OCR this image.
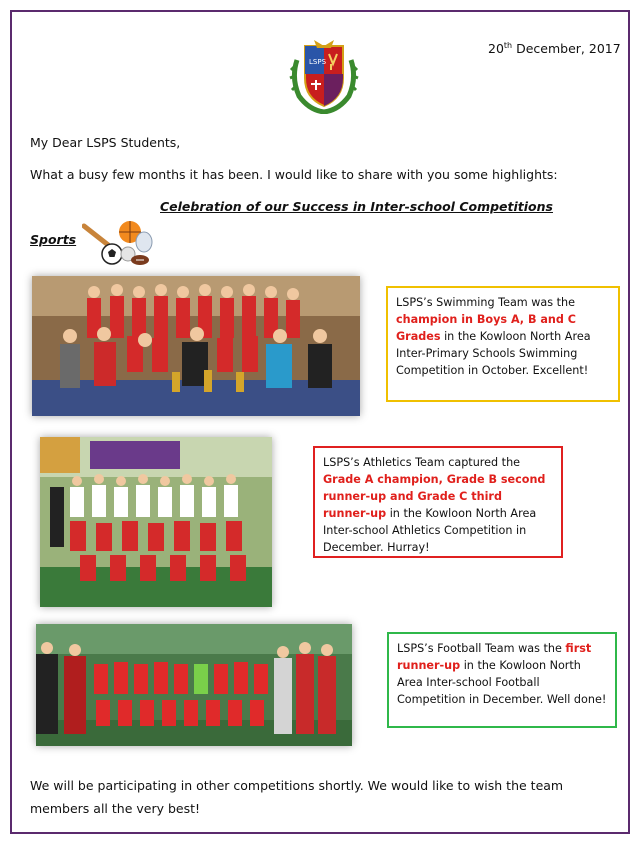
LSPS
20th December, 2017
My Dear LSPS Students,
What a busy few months it has been. I would like to share with you some highlights:
Celebration of our Success in Inter-school Competitions
Sports
LSPS’s Swimming Team was the champion in Boys A, B and C Grades in the Kowloon North Area Inter-Primary Schools Swimming Competition in October. Excellent!
LSPS’s Athletics Team captured the Grade A champion, Grade B second runner-up and Grade C third runner-up in the Kowloon North Area Inter-school Athletics Competition in December. Hurray!
LSPS’s Football Team was the first runner-up in the Kowloon North Area Inter-school Football Competition in December. Well done!
We will be participating in other competitions shortly. We would like to wish the team members all the very best!
